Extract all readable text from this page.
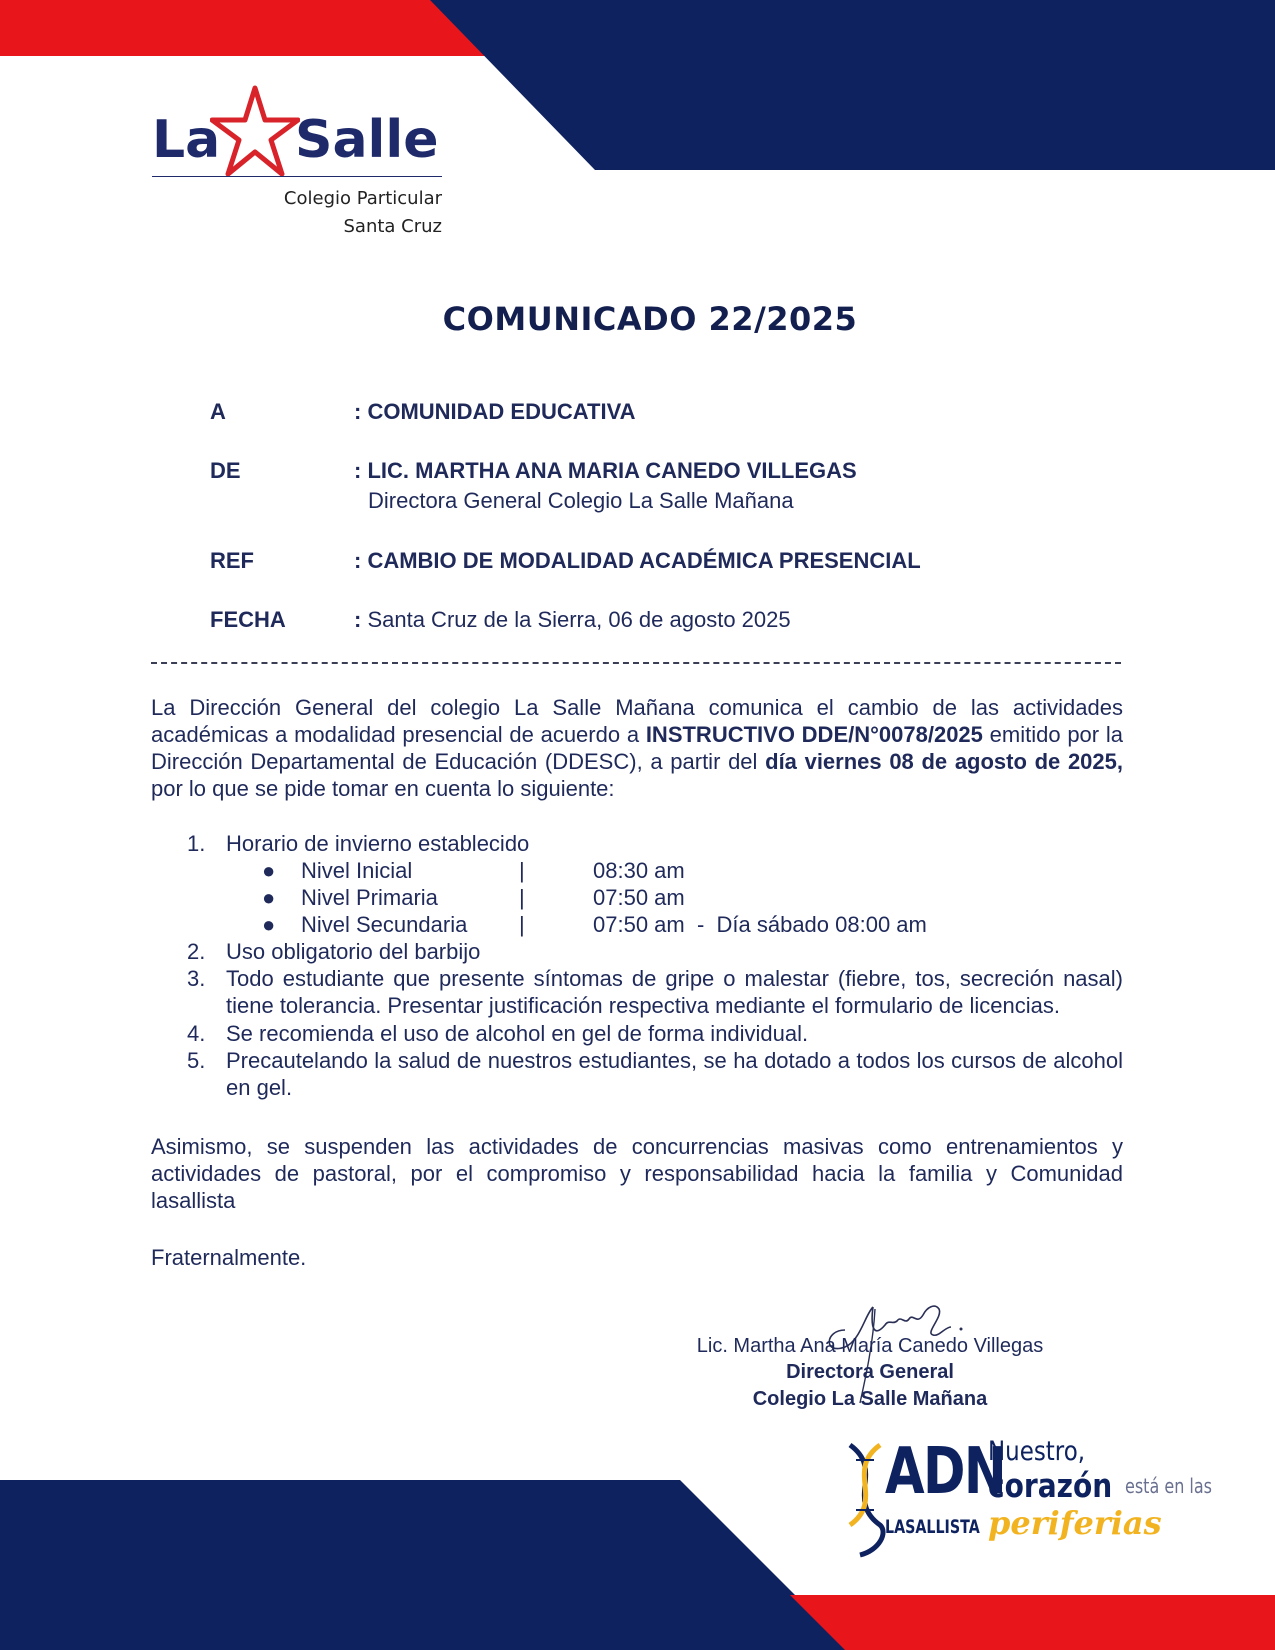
La Salle
Colegio Particular
Santa Cruz
COMUNICADO 22/2025
A	: COMUNIDAD EDUCATIVA
DE	: LIC. MARTHA ANA MARIA CANEDO VILLEGAS
Directora General Colegio La Salle Mañana
REF	: CAMBIO DE MODALIDAD ACADÉMICA PRESENCIAL
FECHA	: Santa Cruz de la Sierra, 06 de agosto 2025
La Dirección General del colegio La Salle Mañana comunica el cambio de las actividades académicas a modalidad presencial de acuerdo a INSTRUCTIVO DDE/N°0078/2025 emitido por la Dirección Departamental de Educación (DDESC), a partir del día viernes 08 de agosto de 2025, por lo que se pide tomar en cuenta lo siguiente:
1. Horario de invierno establecido
● Nivel Inicial	|	08:30 am
● Nivel Primaria	|	07:50 am
● Nivel Secundaria |	07:50 am  -  Día sábado 08:00 am
2. Uso obligatorio del barbijo
3. Todo estudiante que presente síntomas de gripe o malestar (fiebre, tos, secreción nasal) tiene tolerancia. Presentar justificación respectiva mediante el formulario de licencias.
4. Se recomienda el uso de alcohol en gel de forma individual.
5. Precautelando la salud de nuestros estudiantes, se ha dotado a todos los cursos de alcohol en gel.
Asimismo, se suspenden las actividades de concurrencias masivas como entrenamientos y actividades de pastoral, por el compromiso y responsabilidad hacia la familia y Comunidad lasallista
Fraternalmente.
Lic. Martha Ana María Canedo Villegas
Directora General
Colegio La Salle Mañana
ADN
LASALLISTA
Nuestro,
corazón está en las
periferias
